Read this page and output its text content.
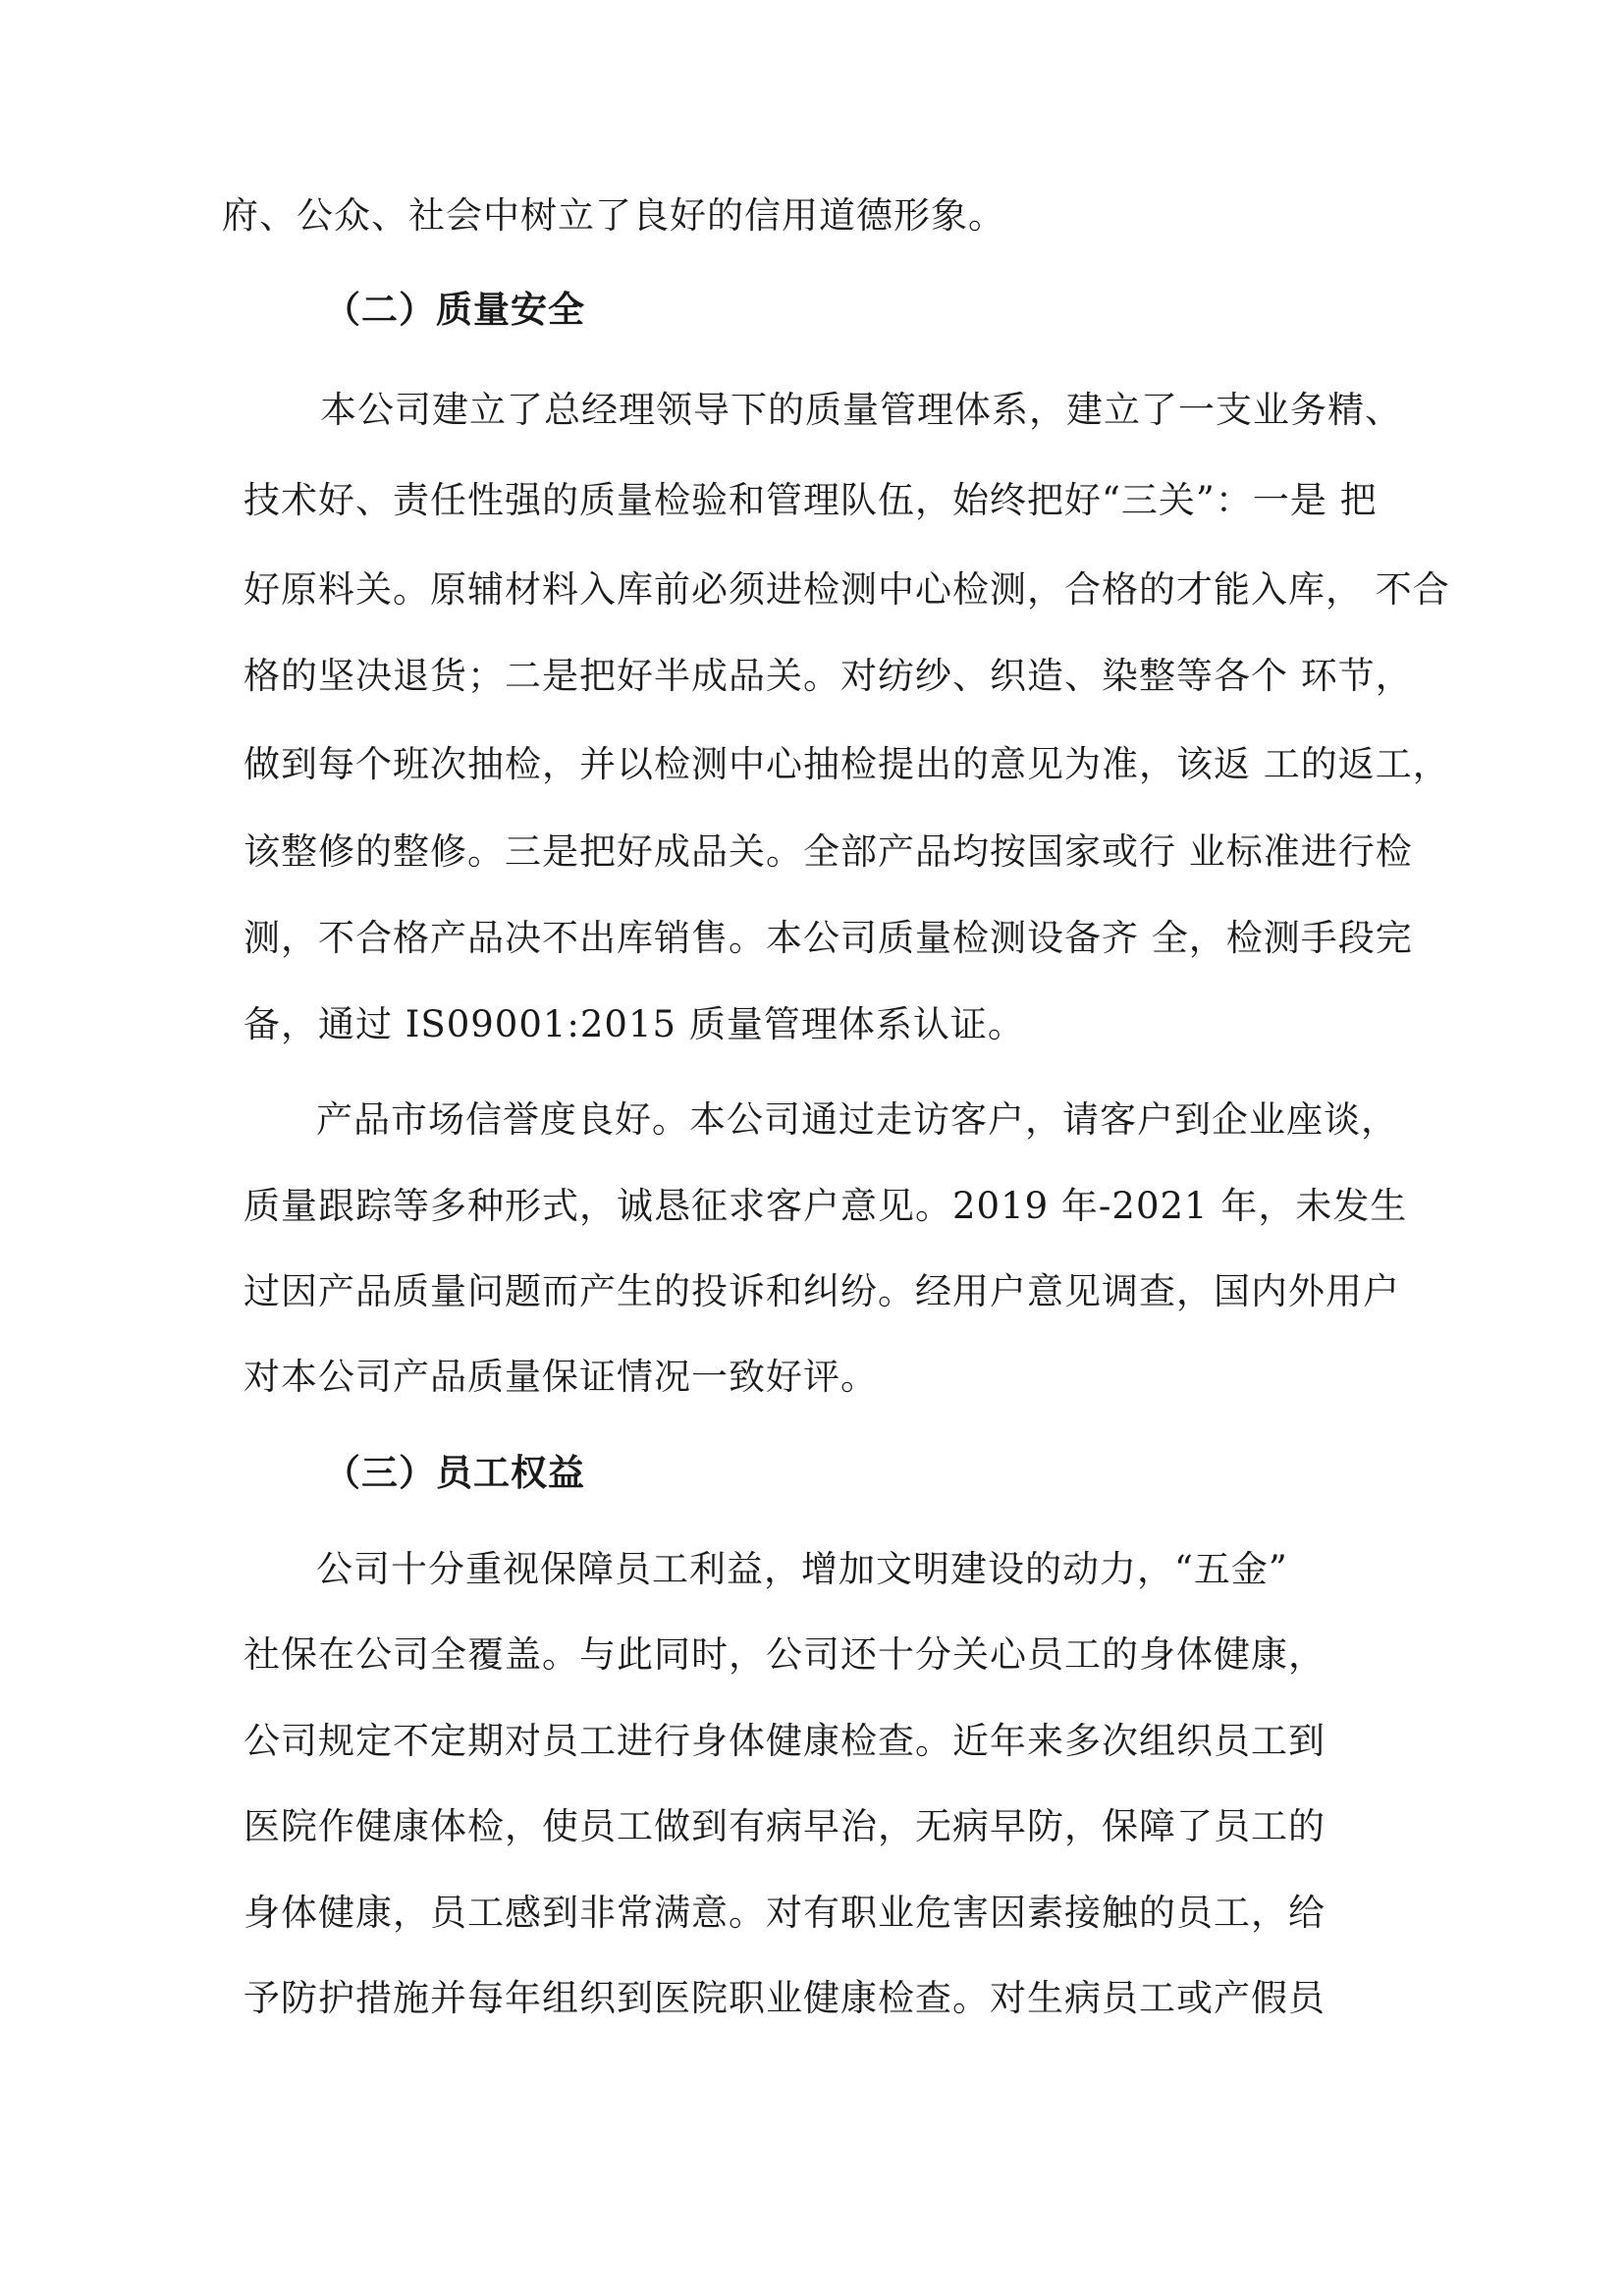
府、公众、社会中树立了良好的信用道德形象。
（二）质量安全
本公司建立了总经理领导下的质量管理体系，建立了一支业务精、
技术好、责任性强的质量检验和管理队伍，始终把好“三关”：一是 把
好原料关。原辅材料入库前必须进检测中心检测，合格的才能入库， 不合
格的坚决退货；二是把好半成品关。对纺纱、织造、染整等各个 环节，
做到每个班次抽检，并以检测中心抽检提出的意见为准，该返 工的返工，
该整修的整修。三是把好成品关。全部产品均按国家或行 业标准进行检
测，不合格产品决不出库销售。本公司质量检测设备齐 全，检测手段完
备，通过 IS09001:2015 质量管理体系认证。
产品市场信誉度良好。本公司通过走访客户，请客户到企业座谈，
质量跟踪等多种形式，诚恳征求客户意见。2019 年-2021 年，未发生
过因产品质量问题而产生的投诉和纠纷。经用户意见调查，国内外用户
对本公司产品质量保证情况一致好评。
（三）员工权益
公司十分重视保障员工利益，增加文明建设的动力，“五金”
社保在公司全覆盖。与此同时，公司还十分关心员工的身体健康，
公司规定不定期对员工进行身体健康检查。近年来多次组织员工到
医院作健康体检，使员工做到有病早治，无病早防，保障了员工的
身体健康，员工感到非常满意。对有职业危害因素接触的员工，给
予防护措施并每年组织到医院职业健康检查。对生病员工或产假员
